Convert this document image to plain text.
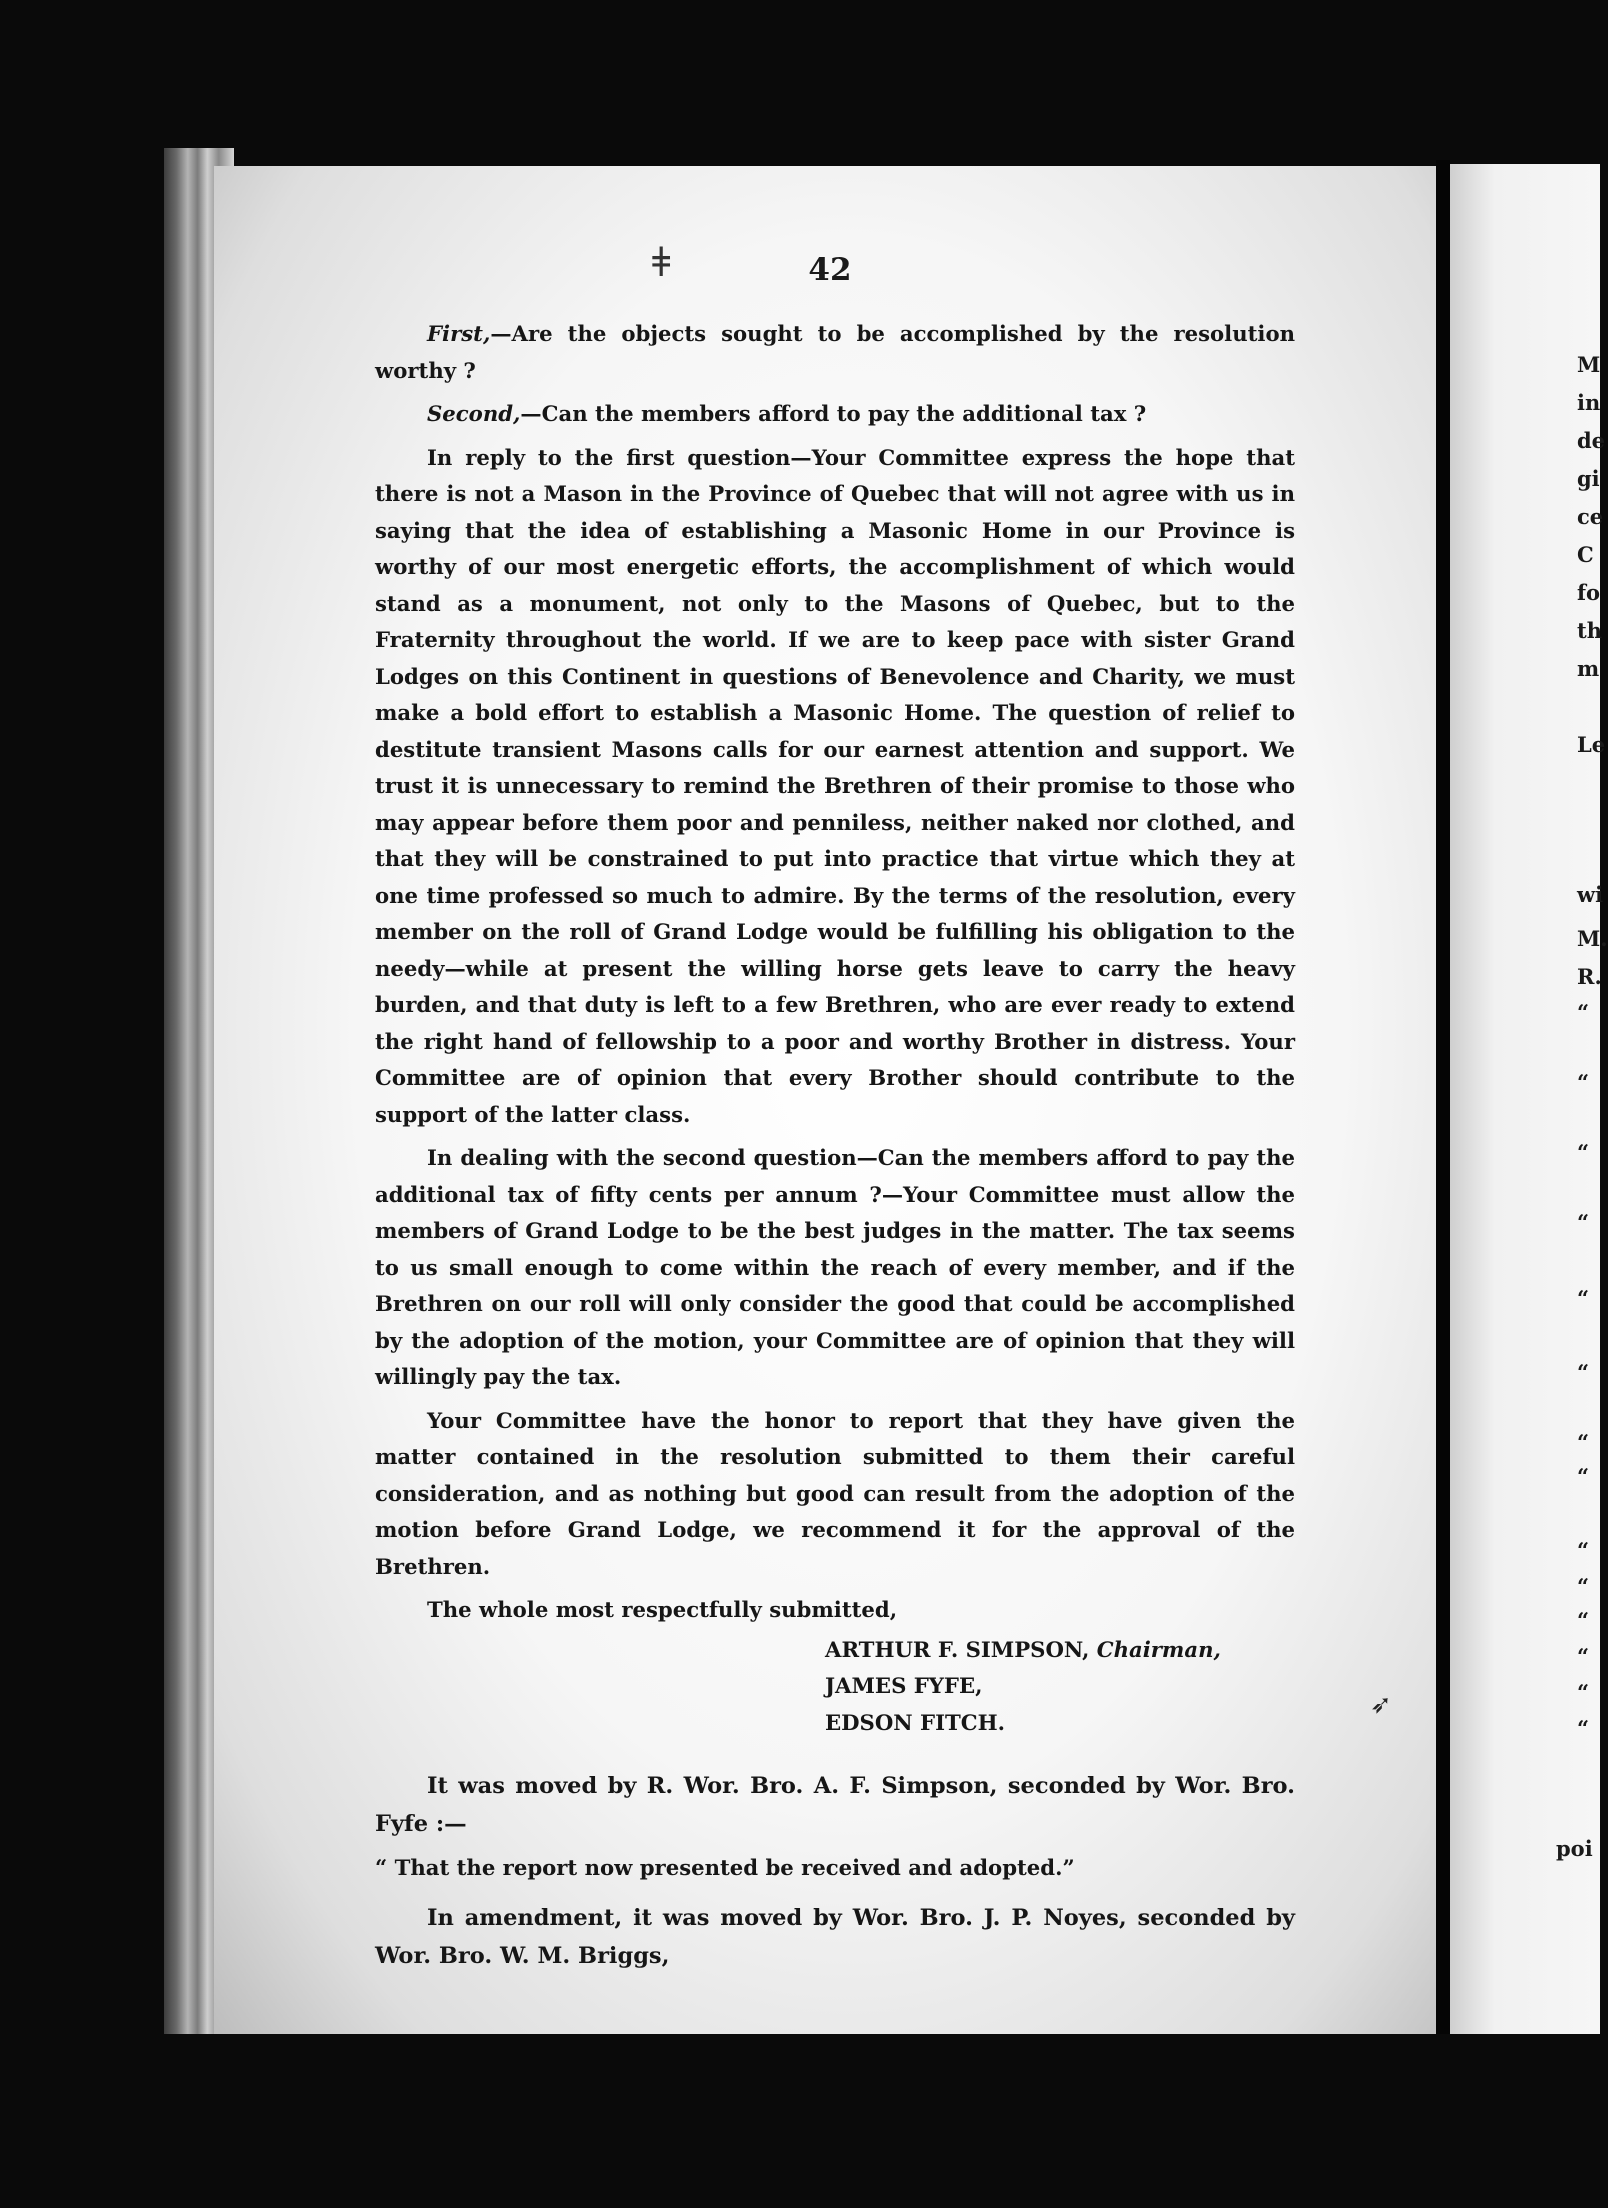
42

First,—Are the objects sought to be accomplished by the resolution worthy ?

Second,—Can the members afford to pay the additional tax ?

In reply to the first question—Your Committee express the hope that there is not a Mason in the Province of Quebec that will not agree with us in saying that the idea of establishing a Masonic Home in our Province is worthy of our most energetic efforts, the accomplishment of which would stand as a monument, not only to the Masons of Quebec, but to the Fraternity throughout the world. If we are to keep pace with sister Grand Lodges on this Continent in questions of Benevolence and Charity, we must make a bold effort to establish a Masonic Home. The question of relief to destitute transient Masons calls for our earnest attention and support. We trust it is unnecessary to remind the Brethren of their promise to those who may appear before them poor and penniless, neither naked nor clothed, and that they will be constrained to put into practice that virtue which they at one time professed so much to admire. By the terms of the resolution, every member on the roll of Grand Lodge would be fulfilling his obligation to the needy—while at present the willing horse gets leave to carry the heavy burden, and that duty is left to a few Brethren, who are ever ready to extend the right hand of fellowship to a poor and worthy Brother in distress. Your Committee are of opinion that every Brother should contribute to the support of the latter class.

In dealing with the second question—Can the members afford to pay the additional tax of fifty cents per annum ?—Your Committee must allow the members of Grand Lodge to be the best judges in the matter. The tax seems to us small enough to come within the reach of every member, and if the Brethren on our roll will only consider the good that could be accomplished by the adoption of the motion, your Committee are of opinion that they will willingly pay the tax.

Your Committee have the honor to report that they have given the matter contained in the resolution submitted to them their careful consideration, and as nothing but good can result from the adoption of the motion before Grand Lodge, we recommend it for the approval of the Brethren.

The whole most respectfully submitted,

ARTHUR F. SIMPSON, Chairman,
JAMES FYFE,
EDSON FITCH.

It was moved by R. Wor. Bro. A. F. Simpson, seconded by Wor. Bro. Fyfe :—

“ That the report now presented be received and adopted.”

In amendment, it was moved by Wor. Bro. J. P. Noyes, seconded by Wor. Bro. W. M. Briggs,

M
in
de
gi
ce
C
fo
th
m
Le
wi
M.
R.
“
“
“
“
“
“
“
“
“
“
“
“
“
“
poi
ǂ
➶
